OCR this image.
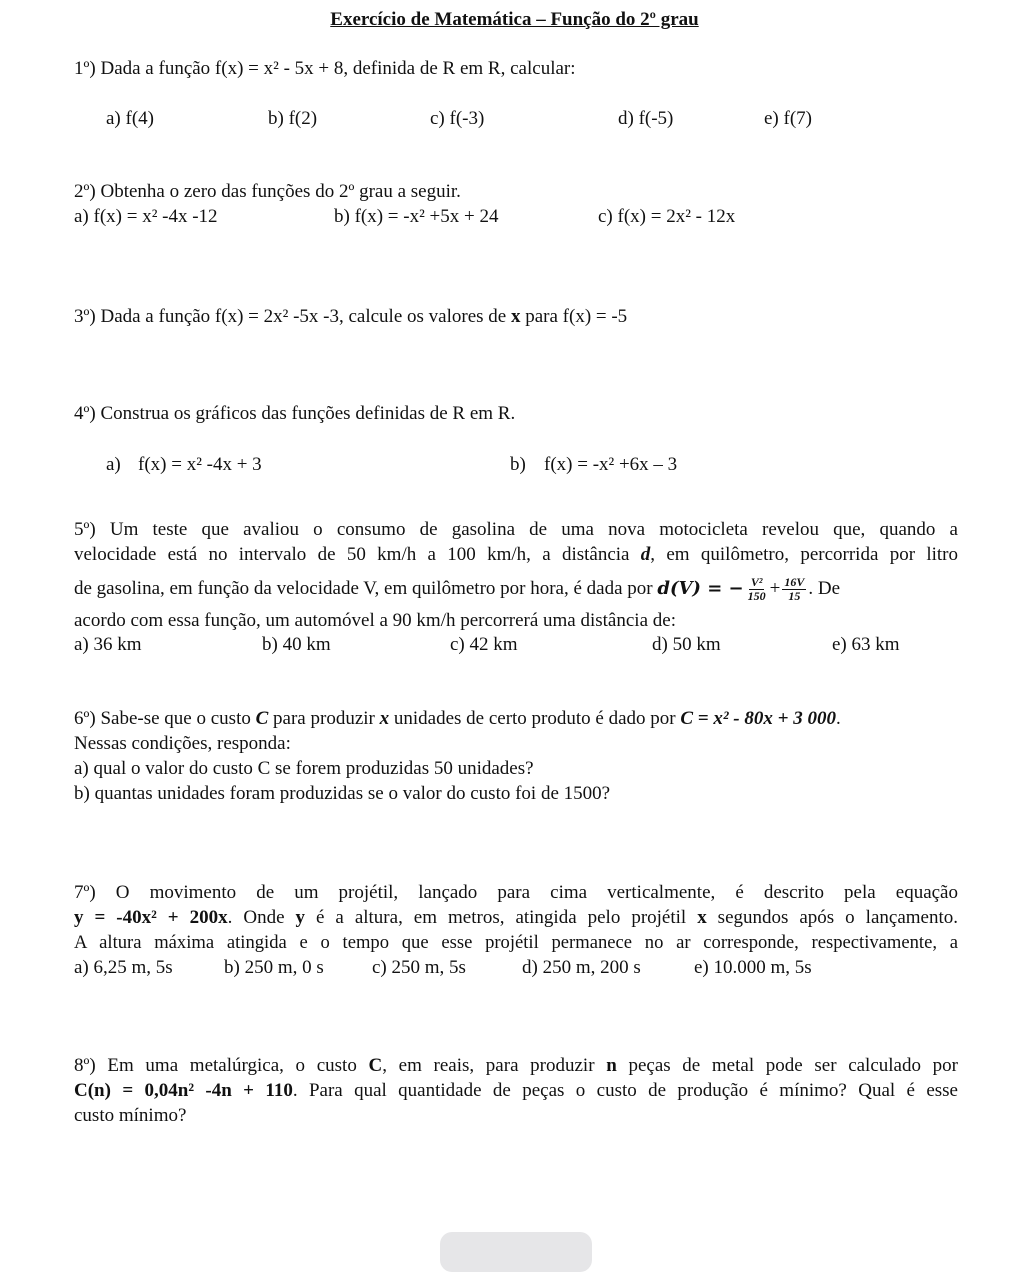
Exercício de Matemática – Função do 2º grau
1º) Dada a função f(x) = x² - 5x + 8, definida de R em R, calcular:
a) f(4)	b) f(2)	c) f(-3)	d) f(-5)	e) f(7)
2º) Obtenha o zero das funções do 2º grau a seguir.
a) f(x) = x² -4x -12	b) f(x) = -x² +5x + 24	c) f(x) = 2x² - 12x
3º) Dada a função f(x) = 2x² -5x -3, calcule os valores de x para f(x) = -5
4º) Construa os gráficos das funções definidas de R em R.
a) f(x) = x² -4x + 3	b) f(x) = -x² +6x – 3
5º) Um teste que avaliou o consumo de gasolina de uma nova motocicleta revelou que, quando a
velocidade está no intervalo de 50 km/h a 100 km/h, a distância d, em quilômetro, percorrida por litro
de gasolina, em função da velocidade V, em quilômetro por hora, é dada por d(V) = − $\frac{\text{V²}}{150} + \frac{16V}{15}$ . De
acordo com essa função, um automóvel a 90 km/h percorrerá uma distância de:
a) 36 km	b) 40 km	c) 42 km	d) 50 km	e) 63 km
6º) Sabe-se que o custo C para produzir x unidades de certo produto é dado por C = x² - 80x + 3 000.
Nessas condições, responda:
a) qual o valor do custo C se forem produzidas 50 unidades?
b) quantas unidades foram produzidas se o valor do custo foi de 1500?
7º) O movimento de um projétil, lançado para cima verticalmente, é descrito pela equação
y = -40x² + 200x. Onde y é a altura, em metros, atingida pelo projétil x segundos após o lançamento.
A altura máxima atingida e o tempo que esse projétil permanece no ar corresponde, respectivamente, a
a) 6,25 m, 5s	b) 250 m, 0 s	c) 250 m, 5s	d) 250 m, 200 s	e) 10.000 m, 5s
8º) Em uma metalúrgica, o custo C, em reais, para produzir n peças de metal pode ser calculado por
C(n) = 0,04n² -4n + 110. Para qual quantidade de peças o custo de produção é mínimo? Qual é esse
custo mínimo?
